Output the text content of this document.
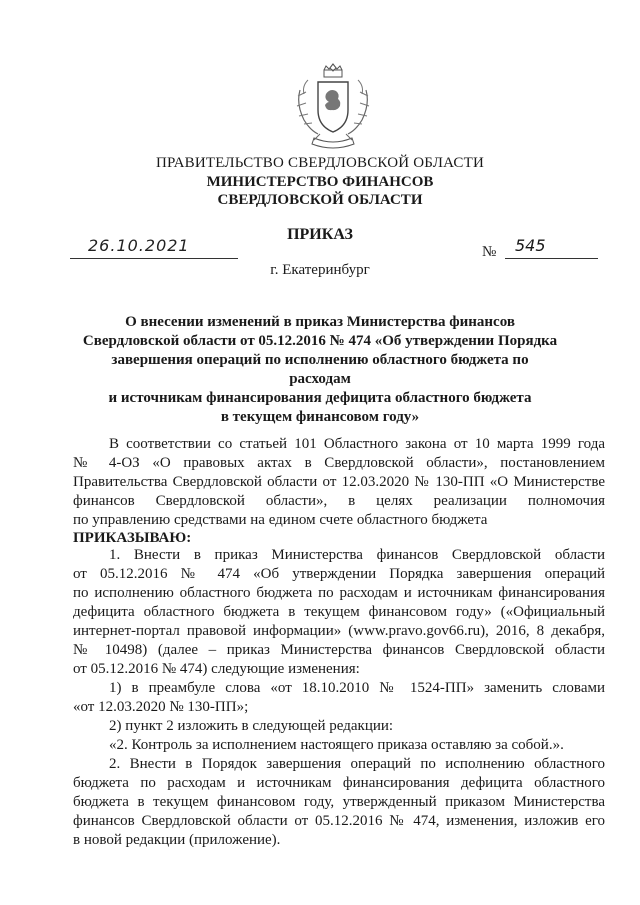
ПРАВИТЕЛЬСТВО СВЕРДЛОВСКОЙ ОБЛАСТИ
МИНИСТЕРСТВО ФИНАНСОВ
СВЕРДЛОВСКОЙ ОБЛАСТИ
ПРИКАЗ
26.10.2021	№ 545
г. Екатеринбург
О внесении изменений в приказ Министерства финансов
Свердловской области от 05.12.2016 № 474 «Об утверждении Порядка
завершения операций по исполнению областного бюджета по расходам
и источникам финансирования дефицита областного бюджета
в текущем финансовом году»
В соответствии со статьей 101 Областного закона от 10 марта 1999 года
№ 4-ОЗ «О правовых актах в Свердловской области», постановлением
Правительства Свердловской области от 12.03.2020 № 130-ПП «О Министерстве
финансов Свердловской области», в целях реализации полномочия
по управлению средствами на едином счете областного бюджета
ПРИКАЗЫВАЮ:
1. Внести в приказ Министерства финансов Свердловской области
от 05.12.2016 № 474 «Об утверждении Порядка завершения операций
по исполнению областного бюджета по расходам и источникам финансирования
дефицита областного бюджета в текущем финансовом году» («Официальный
интернет-портал правовой информации» (www.pravo.gov66.ru), 2016, 8 декабря,
№ 10498) (далее – приказ Министерства финансов Свердловской области
от 05.12.2016 № 474) следующие изменения:
1) в преамбуле слова «от 18.10.2010 № 1524-ПП» заменить словами
«от 12.03.2020 № 130-ПП»;
2) пункт 2 изложить в следующей редакции:
«2. Контроль за исполнением настоящего приказа оставляю за собой.».
2. Внести в Порядок завершения операций по исполнению областного
бюджета по расходам и источникам финансирования дефицита областного
бюджета в текущем финансовом году, утвержденный приказом Министерства
финансов Свердловской области от 05.12.2016 № 474, изменения, изложив его
в новой редакции (приложение).
